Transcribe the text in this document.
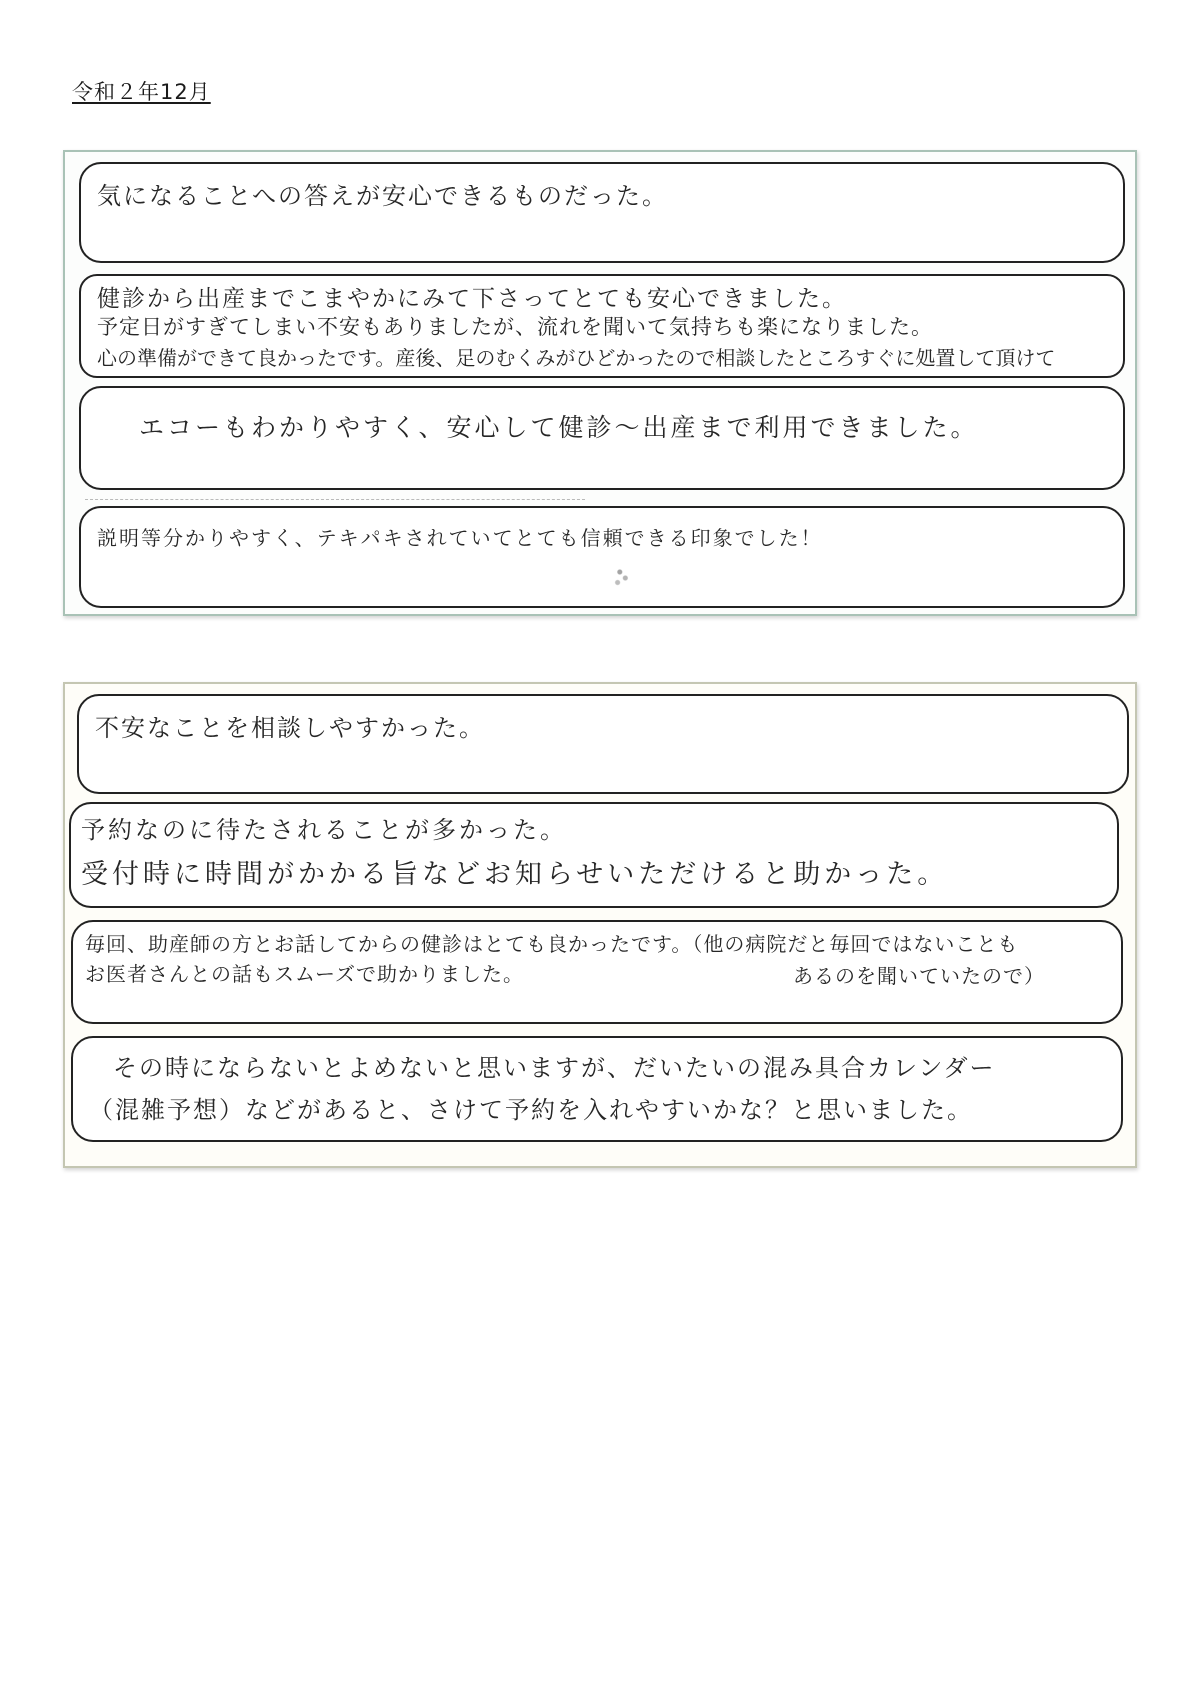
令和２年12月
気になることへの答えが安心できるものだった。
健診から出産までこまやかにみて下さってとても安心できました。
予定日がすぎてしまい不安もありましたが、流れを聞いて気持ちも楽になりました。
心の準備ができて良かったです。産後、足のむくみがひどかったので相談したところすぐに処置して頂けて
エコーもわかりやすく、安心して健診～出産まで利用できました。
説明等分かりやすく、テキパキされていてとても信頼できる印象でした！
不安なことを相談しやすかった。
予約なのに待たされることが多かった。
受付時に時間がかかる旨などお知らせいただけると助かった。
毎回、助産師の方とお話してからの健診はとても良かったです。（他の病院だと毎回ではないことも
あるのを聞いていたので）
お医者さんとの話もスムーズで助かりました。
その時にならないとよめないと思いますが、だいたいの混み具合カレンダー
（混雑予想）などがあると、さけて予約を入れやすいかな？と思いました。
